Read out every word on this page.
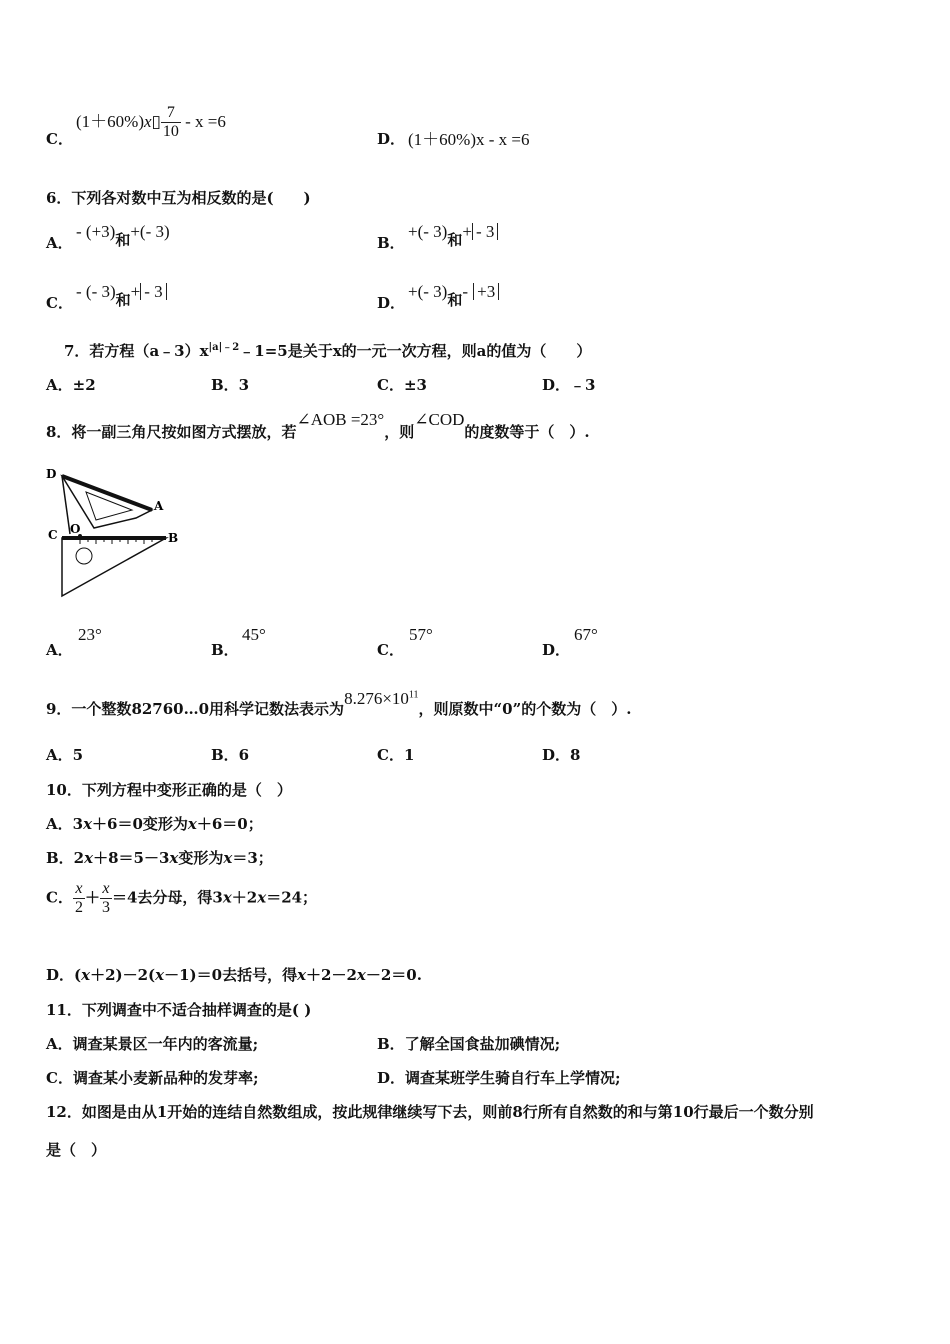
C．
(1＋60%)x▯ $\frac{7}{10} - x =6$
D． (1＋60%)x - x =6
6．下列各对数中互为相反数的是(　　)
A．
- (+3)和+(- 3)
B．
+(- 3)和+ - 3
C．
- (- 3)和+ - 3
D．
+(- 3)和- +3
7．若方程$(a﹣3)x^{|a|﹣2}﹣1=5$是关于x的一元一次方程，则a的值为（　　）
A．±2	B．3	C．±3	D．﹣3
8．将一副三角尺按如图方式摆放，若∠AOB =23°，则∠COD的度数等于（　）.
D
A
C O
B
A．
23°
B．
45°
C．
57°
D．
67°
9．一个整数82760…0用科学记数法表示为$8.276\times 10^{11}$，则原数中“0”的个数为（　）.
A．5	B．6	C．1	D．8
10．下列方程中变形正确的是（　）
A．3x＋6＝0变形为x＋6＝0；
B．2x＋8＝5－3x变形为x＝3；
C． $\frac{x}{2} + \frac{x}{3} =4$去分母，得3x＋2x＝24；
D．(x＋2)－2(x－1)＝0去括号，得x＋2－2x－2＝0.
11．下列调查中不适合抽样调查的是( )
A．调查某景区一年内的客流量;	B．了解全国食盐加碘情况;
C．调查某小麦新品种的发芽率;	D．调查某班学生骑自行车上学情况;
12．如图是由从1开始的连结自然数组成，按此规律继续写下去，则前8行所有自然数的和与第10行最后一个数分别
是（　）
